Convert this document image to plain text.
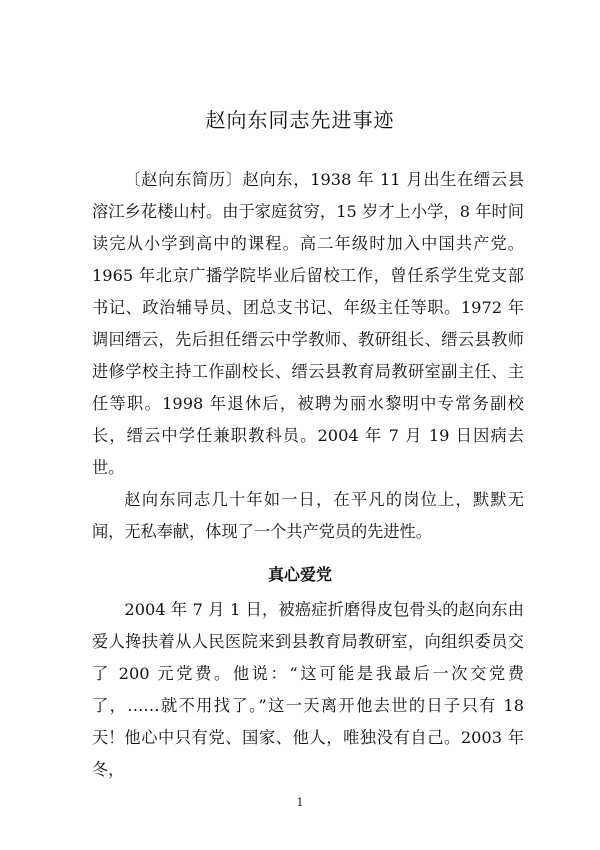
赵向东同志先进事迹

〔赵向东简历〕赵向东，1938 年 11 月出生在缙云县溶江乡花楼山村。由于家庭贫穷，15 岁才上小学，8 年时间读完从小学到高中的课程。高二年级时加入中国共产党。1965 年北京广播学院毕业后留校工作，曾任系学生党支部书记、政治辅导员、团总支书记、年级主任等职。1972 年调回缙云，先后担任缙云中学教师、教研组长、缙云县教师进修学校主持工作副校长、缙云县教育局教研室副主任、主任等职。1998 年退休后，被聘为丽水黎明中专常务副校长，缙云中学任兼职教科员。2004 年 7 月 19 日因病去世。

赵向东同志几十年如一日，在平凡的岗位上，默默无闻，无私奉献，体现了一个共产党员的先进性。

真心爱党

2004 年 7 月 1 日，被癌症折磨得皮包骨头的赵向东由爱人搀扶着从人民医院来到县教育局教研室，向组织委员交了 200 元党费。他说：“这可能是我最后一次交党费了，……就不用找了。”这一天离开他去世的日子只有 18 天！ 他心中只有党、国家、他人，唯独没有自己。2003 年冬，

1
